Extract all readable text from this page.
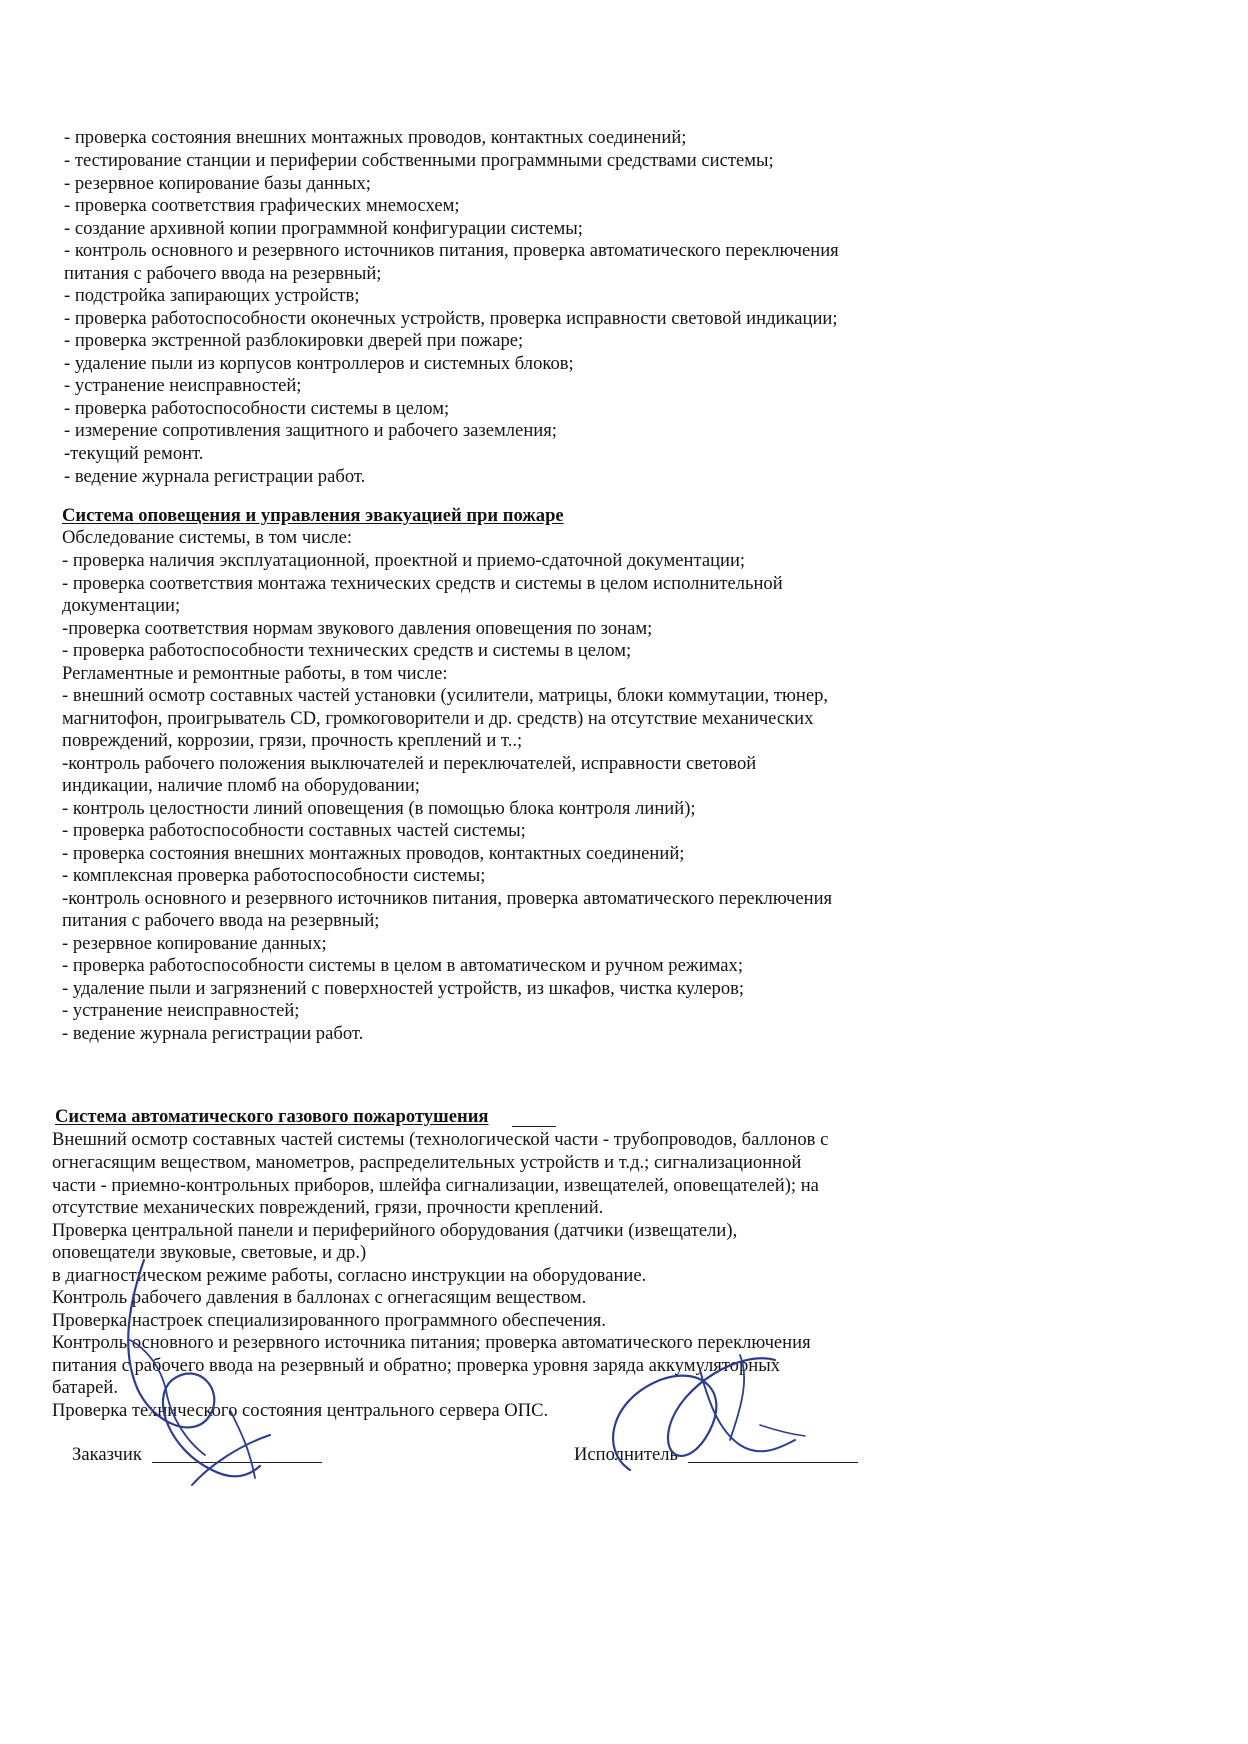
- проверка состояния внешних монтажных проводов, контактных соединений;
- тестирование станции и периферии собственными программными средствами системы;
- резервное копирование базы данных;
- проверка соответствия графических мнемосхем;
- создание архивной копии программной конфигурации системы;
- контроль основного и резервного источников питания, проверка автоматического переключения
питания с рабочего ввода на резервный;
- подстройка запирающих устройств;
- проверка работоспособности оконечных устройств, проверка исправности световой индикации;
- проверка экстренной разблокировки дверей при пожаре;
- удаление пыли из корпусов контроллеров и системных блоков;
- устранение неисправностей;
- проверка работоспособности системы в целом;
- измерение сопротивления защитного и рабочего заземления;
-текущий ремонт.
- ведение журнала регистрации работ.
Система оповещения и управления эвакуацией при пожаре
Обследование системы, в том числе:
- проверка наличия эксплуатационной, проектной и приемо-сдаточной документации;
- проверка соответствия монтажа технических средств и системы в целом исполнительной
документации;
-проверка соответствия нормам звукового давления оповещения по зонам;
- проверка работоспособности технических средств и системы в целом;
Регламентные и ремонтные работы, в том числе:
- внешний осмотр составных частей установки (усилители, матрицы, блоки коммутации, тюнер,
магнитофон, проигрыватель CD, громкоговорители и др. средств) на отсутствие механических
повреждений, коррозии, грязи, прочность креплений и т..;
-контроль рабочего положения выключателей и переключателей, исправности световой
индикации, наличие пломб на оборудовании;
- контроль целостности линий оповещения (в помощью блока контроля линий);
- проверка работоспособности составных частей системы;
- проверка состояния внешних монтажных проводов, контактных соединений;
- комплексная проверка работоспособности системы;
-контроль основного и резервного источников питания, проверка автоматического переключения
питания с рабочего ввода на резервный;
- резервное копирование данных;
- проверка работоспособности системы в целом в автоматическом и ручном режимах;
- удаление пыли и загрязнений с поверхностей устройств, из шкафов, чистка кулеров;
- устранение неисправностей;
- ведение журнала регистрации работ.
Система автоматического газового пожаротушения
Внешний осмотр составных частей системы (технологической части - трубопроводов, баллонов с
огнегасящим веществом, манометров, распределительных устройств и т.д.; сигнализационной
части - приемно-контрольных приборов, шлейфа сигнализации, извещателей, оповещателей); на
отсутствие механических повреждений, грязи, прочности креплений.
Проверка центральной панели и периферийного оборудования (датчики (извещатели),
оповещатели звуковые, световые, и др.)
в диагностическом режиме работы, согласно инструкции на оборудование.
Контроль рабочего давления в баллонах с огнегасящим веществом.
Проверка настроек специализированного программного обеспечения.
Контроль основного и резервного источника питания; проверка автоматического переключения
питания с рабочего ввода на резервный и обратно; проверка уровня заряда аккумуляторных
батарей.
Проверка технического состояния центрального сервера ОПС.
Заказчик	Исполнитель
